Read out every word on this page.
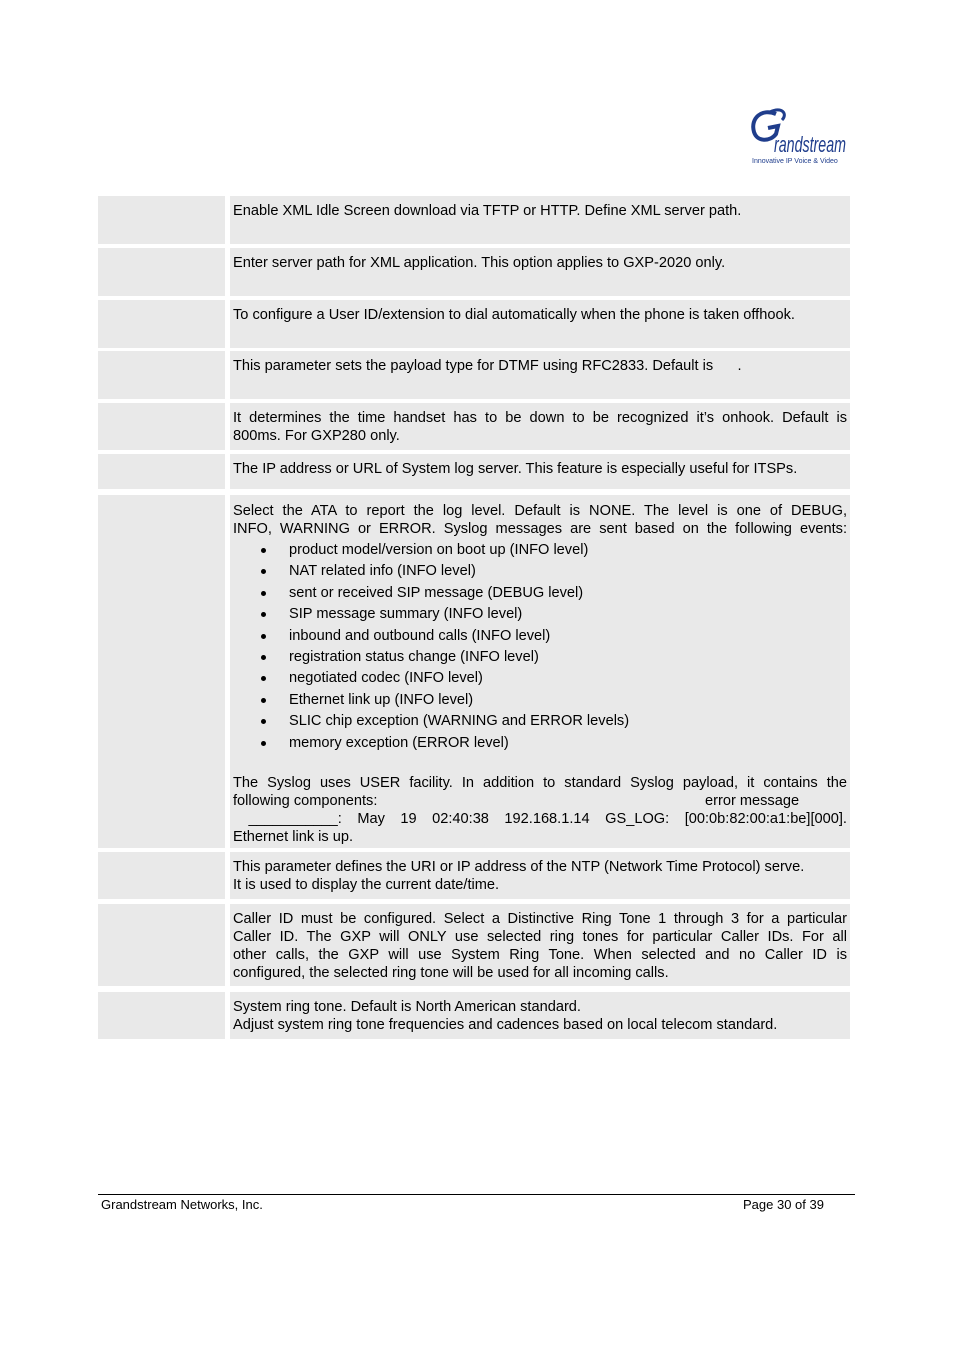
randstream
Innovative IP Voice & Video
Enable XML Idle Screen download via TFTP or HTTP. Define XML server path.
Enter server path for XML application. This option applies to GXP-2020 only.
To configure a User ID/extension to dial automatically when the phone is taken offhook.
This parameter sets the payload type for DTMF using RFC2833. Default is      .
It determines the time handset has to be down to be recognized it’s onhook. Default is
800ms. For GXP280 only.
The IP address or URL of System log server. This feature is especially useful for ITSPs.
Select the ATA to report the log level. Default is NONE. The level is one of DEBUG,
INFO, WARNING or ERROR. Syslog messages are sent based on the following events:
product model/version on boot up (INFO level)
NAT related info (INFO level)
sent or received SIP message (DEBUG level)
SIP message summary (INFO level)
inbound and outbound calls (INFO level)
registration status change (INFO level)
negotiated codec (INFO level)
Ethernet link up (INFO level)
SLIC chip exception (WARNING and ERROR levels)
memory exception (ERROR level)
The Syslog uses USER facility. In addition to standard Syslog payload, it contains the
following components:	error message
___________: May 19 02:40:38 192.168.1.14 GS_LOG: [00:0b:82:00:a1:be][000].
Ethernet link is up.
This parameter defines the URI or IP address of the NTP (Network Time Protocol) serve.
It is used to display the current date/time.
Caller ID must be configured. Select a Distinctive Ring Tone 1 through 3 for a particular
Caller ID. The GXP will ONLY use selected ring tones for particular Caller IDs. For all
other calls, the GXP will use System Ring Tone. When selected and no Caller ID is
configured, the selected ring tone will be used for all incoming calls.
System ring tone. Default is North American standard.
Adjust system ring tone frequencies and cadences based on local telecom standard.
Grandstream Networks, Inc.	Page 30 of 39
